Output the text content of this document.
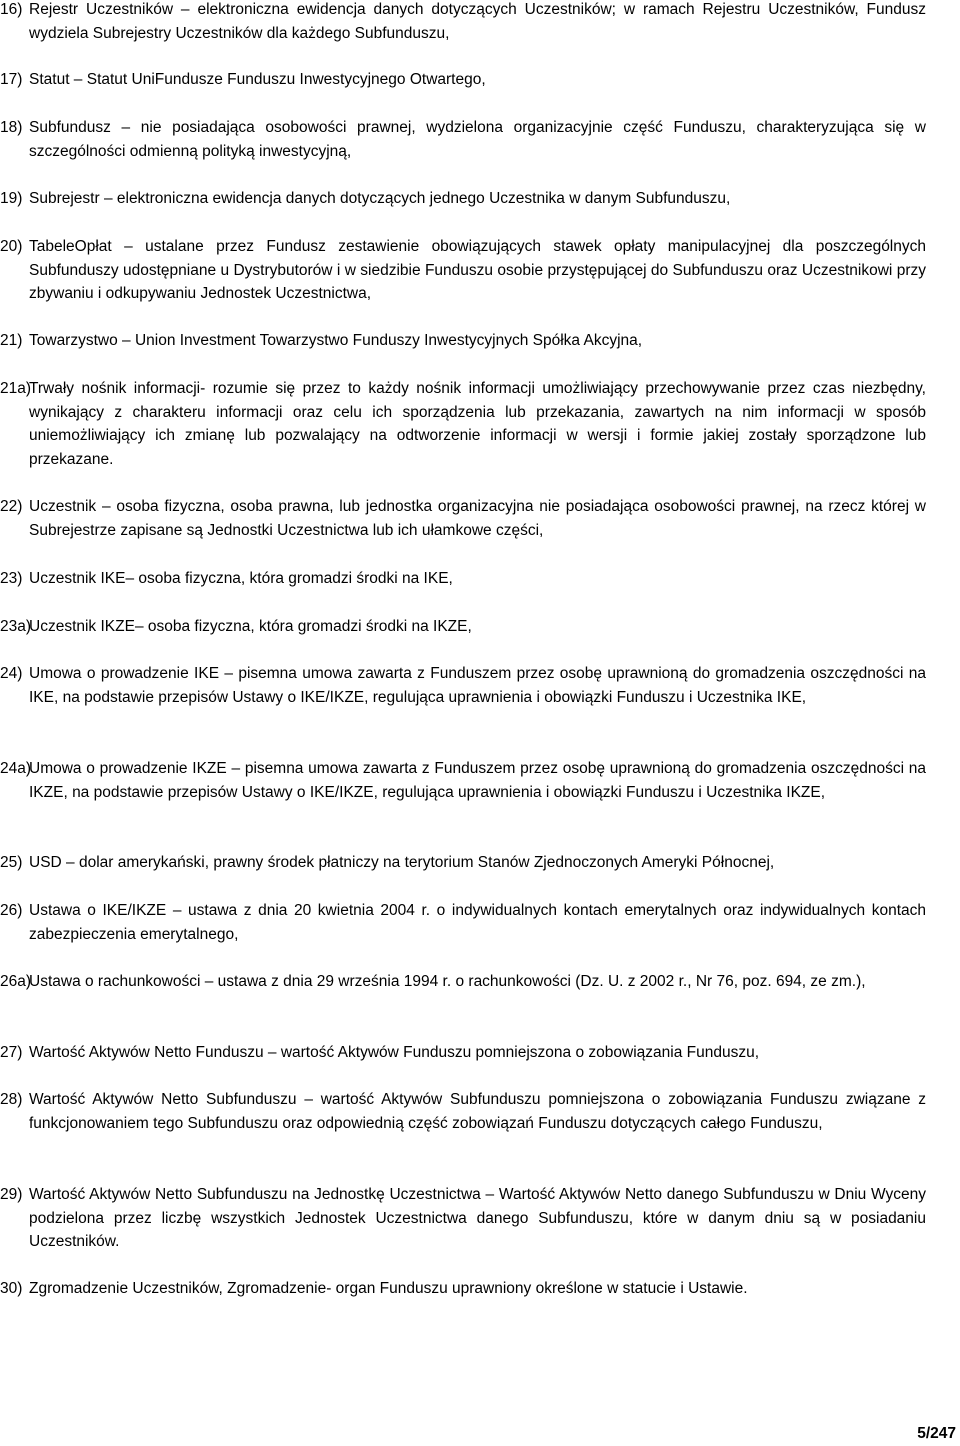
16) Rejestr Uczestników – elektroniczna ewidencja danych dotyczących Uczestników; w ramach Rejestru Uczestników, Fundusz wydziela Subrejestry Uczestników dla każdego Subfunduszu,
17) Statut – Statut UniFundusze Funduszu Inwestycyjnego Otwartego,
18) Subfundusz – nie posiadająca osobowości prawnej, wydzielona organizacyjnie część Funduszu, charakteryzująca się w szczególności odmienną polityką inwestycyjną,
19) Subrejestr – elektroniczna ewidencja danych dotyczących jednego Uczestnika w danym Subfunduszu,
20) TabeleOpłat – ustalane przez Fundusz zestawienie obowiązujących stawek opłaty manipulacyjnej dla poszczególnych Subfunduszy udostępniane u Dystrybutorów i w siedzibie Funduszu osobie przystępującej do Subfunduszu oraz Uczestnikowi przy zbywaniu i odkupywaniu Jednostek Uczestnictwa,
21) Towarzystwo – Union Investment Towarzystwo Funduszy Inwestycyjnych Spółka Akcyjna,
21a)
Trwały nośnik informacji- rozumie się przez to każdy nośnik informacji umożliwiający przechowywanie przez czas niezbędny, wynikający z charakteru informacji oraz celu ich sporządzenia lub przekazania, zawartych na nim informacji w sposób uniemożliwiający ich zmianę lub pozwalający na odtworzenie informacji w wersji i formie jakiej zostały sporządzone lub przekazane.
22) Uczestnik – osoba fizyczna, osoba prawna, lub jednostka organizacyjna nie posiadająca osobowości prawnej, na rzecz której w Subrejestrze zapisane są Jednostki Uczestnictwa lub ich ułamkowe części,
23) Uczestnik IKE– osoba fizyczna, która gromadzi środki na IKE,
23a)
Uczestnik IKZE– osoba fizyczna, która gromadzi środki na IKZE,
24) Umowa o prowadzenie IKE – pisemna umowa zawarta z Funduszem przez osobę uprawnioną do gromadzenia oszczędności na IKE, na podstawie przepisów Ustawy o IKE/IKZE, regulująca uprawnienia i obowiązki Funduszu i Uczestnika IKE,
24a)
Umowa o prowadzenie IKZE – pisemna umowa zawarta z Funduszem przez osobę uprawnioną do gromadzenia oszczędności na IKZE, na podstawie przepisów Ustawy o IKE/IKZE, regulująca uprawnienia i obowiązki Funduszu i Uczestnika IKZE,
25) USD – dolar amerykański, prawny środek płatniczy na terytorium Stanów Zjednoczonych Ameryki Północnej,
26) Ustawa o IKE/IKZE – ustawa z dnia 20 kwietnia 2004 r. o indywidualnych kontach emerytalnych oraz indywidualnych kontach zabezpieczenia emerytalnego,
26a)
Ustawa o rachunkowości – ustawa z dnia 29 września 1994 r. o rachunkowości (Dz. U. z 2002 r., Nr 76, poz. 694, ze zm.),
27) Wartość Aktywów Netto Funduszu – wartość Aktywów Funduszu pomniejszona o zobowiązania Funduszu,
28) Wartość Aktywów Netto Subfunduszu – wartość Aktywów Subfunduszu pomniejszona o zobowiązania Funduszu związane z funkcjonowaniem tego Subfunduszu oraz odpowiednią część zobowiązań Funduszu dotyczących całego Funduszu,
29) Wartość Aktywów Netto Subfunduszu na Jednostkę Uczestnictwa – Wartość Aktywów Netto danego Subfunduszu w Dniu Wyceny podzielona przez liczbę wszystkich Jednostek Uczestnictwa danego Subfunduszu, które w danym dniu są w posiadaniu Uczestników.
30) Zgromadzenie Uczestników, Zgromadzenie- organ Funduszu uprawniony określone w statucie i Ustawie.
5/247
